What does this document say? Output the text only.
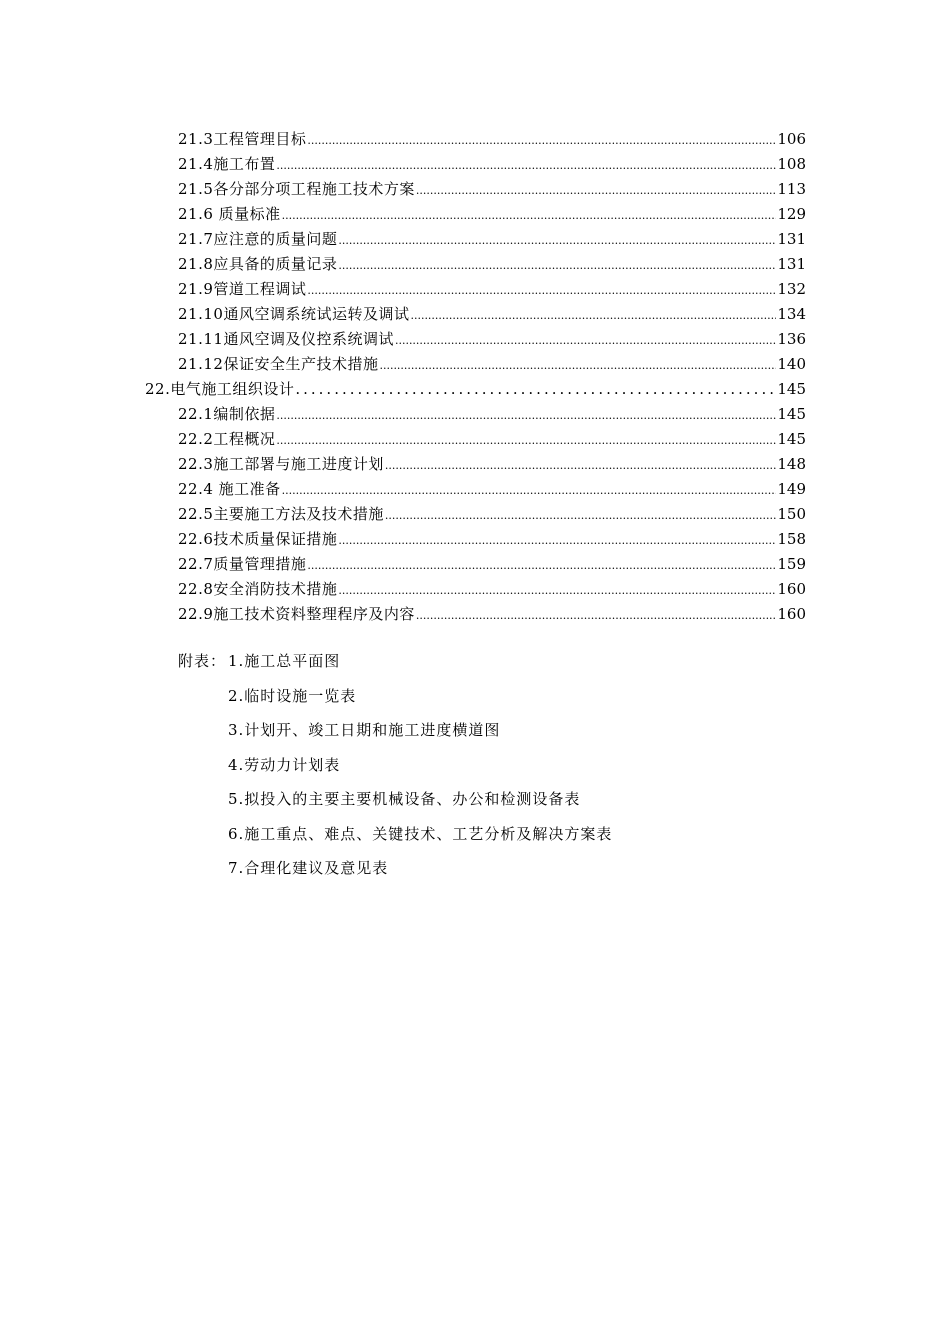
21.3工程管理目标 .....	106
21.4施工布置 .....	108
21.5各分部分项工程施工技术方案 .....	113
21.6 质量标准 .....	129
21.7应注意的质量问题 .....	131
21.8应具备的质量记录 .....	131
21.9管道工程调试 .....	132
21.10通风空调系统试运转及调试 .....	134
21.11通风空调及仪控系统调试 .....	136
21.12保证安全生产技术措施 .....	140
22.电气施工组织设计 .....	145
22.1编制依据 .....	145
22.2工程概况 .....	145
22.3施工部署与施工进度计划 .....	148
22.4 施工准备 .....	149
22.5主要施工方法及技术措施 .....	150
22.6技术质量保证措施 .....	158
22.7质量管理措施 .....	159
22.8安全消防技术措施 .....	160
22.9施工技术资料整理程序及内容 .....	160
附表： 1.施工总平面图
2.临时设施一览表
3.计划开、竣工日期和施工进度横道图
4.劳动力计划表
5.拟投入的主要主要机械设备、办公和检测设备表
6.施工重点、难点、关键技术、工艺分析及解决方案表
7.合理化建议及意见表
